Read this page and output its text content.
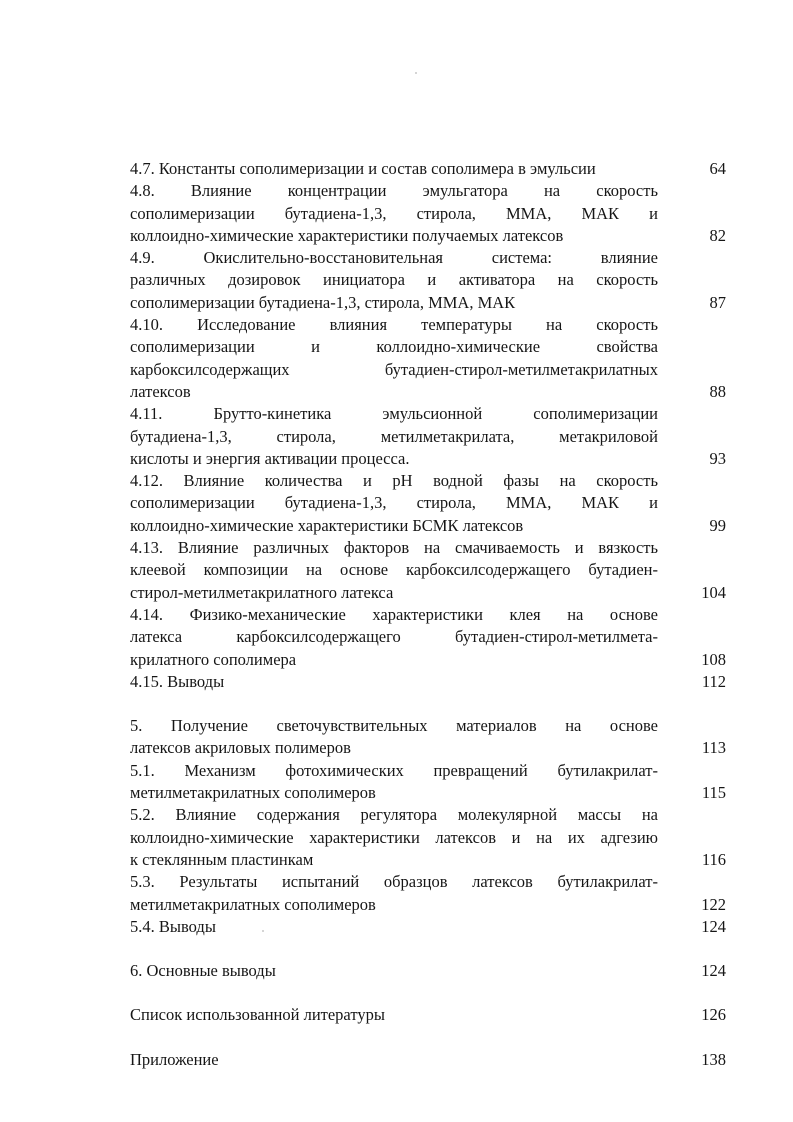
4.7. Константы сополимеризации и состав сополимера в эмульсии	64
4.8. Влияние концентрации эмульгатора на скорость
сополимеризации бутадиена-1,3, стирола, ММА, МАК и
коллоидно-химические характеристики получаемых латексов	82
4.9. Окислительно-восстановительная система: влияние
различных дозировок инициатора и активатора на скорость
сополимеризации бутадиена-1,3, стирола, ММА, МАК	87
4.10. Исследование влияния температуры на скорость
сополимеризации и коллоидно-химические свойства
карбоксилсодержащих бутадиен-стирол-метилметакрилатных
латексов	88
4.11. Брутто-кинетика эмульсионной сополимеризации
бутадиена-1,3, стирола, метилметакрилата, метакриловой
кислоты и энергия активации процесса.	93
4.12. Влияние количества и рН водной фазы на скорость
сополимеризации бутадиена-1,3, стирола, ММА, МАК и
коллоидно-химические характеристики БСМК латексов	99
4.13. Влияние различных факторов на смачиваемость и вязкость
клеевой композиции на основе карбоксилсодержащего бутадиен-
стирол-метилметакрилатного латекса	104
4.14. Физико-механические характеристики клея на основе
латекса карбоксилсодержащего бутадиен-стирол-метилмета-
крилатного сополимера	108
4.15. Выводы	112
5. Получение светочувствительных материалов на основе
латексов акриловых полимеров	113
5.1. Механизм фотохимических превращений бутилакрилат-
метилметакрилатных сополимеров	115
5.2. Влияние содержания регулятора молекулярной массы на
коллоидно-химические характеристики латексов и на их адгезию
к стеклянным пластинкам	116
5.3. Результаты испытаний образцов латексов бутилакрилат-
метилметакрилатных сополимеров	122
5.4. Выводы	124
6. Основные выводы	124
Список использованной литературы	126
Приложение	138
